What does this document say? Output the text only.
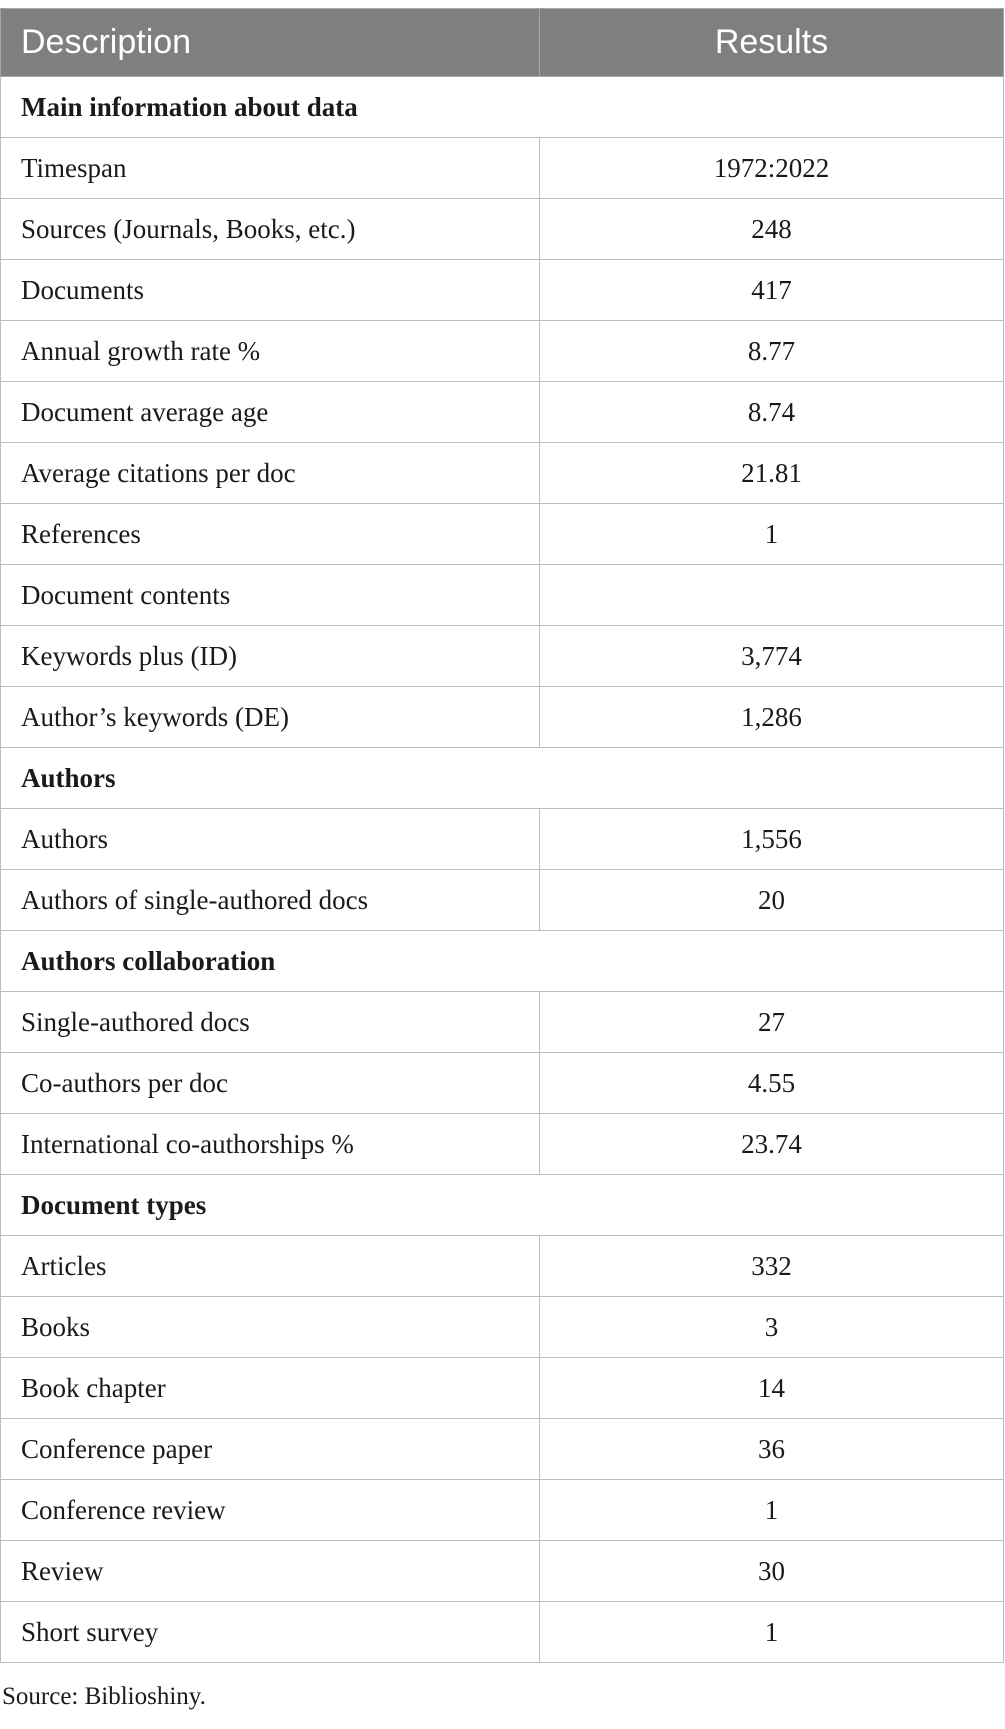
Description	Results
Main information about data	
Timespan	1972:2022
Sources (Journals, Books, etc.)	248
Documents	417
Annual growth rate %	8.77
Document average age	8.74
Average citations per doc	21.81
References	1
Document contents	
Keywords plus (ID)	3,774
Author’s keywords (DE)	1,286
Authors	
Authors	1,556
Authors of single-authored docs	20
Authors collaboration	
Single-authored docs	27
Co-authors per doc	4.55
International co-authorships %	23.74
Document types	
Articles	332
Books	3
Book chapter	14
Conference paper	36
Conference review	1
Review	30
Short survey	1
Source: Biblioshiny.
